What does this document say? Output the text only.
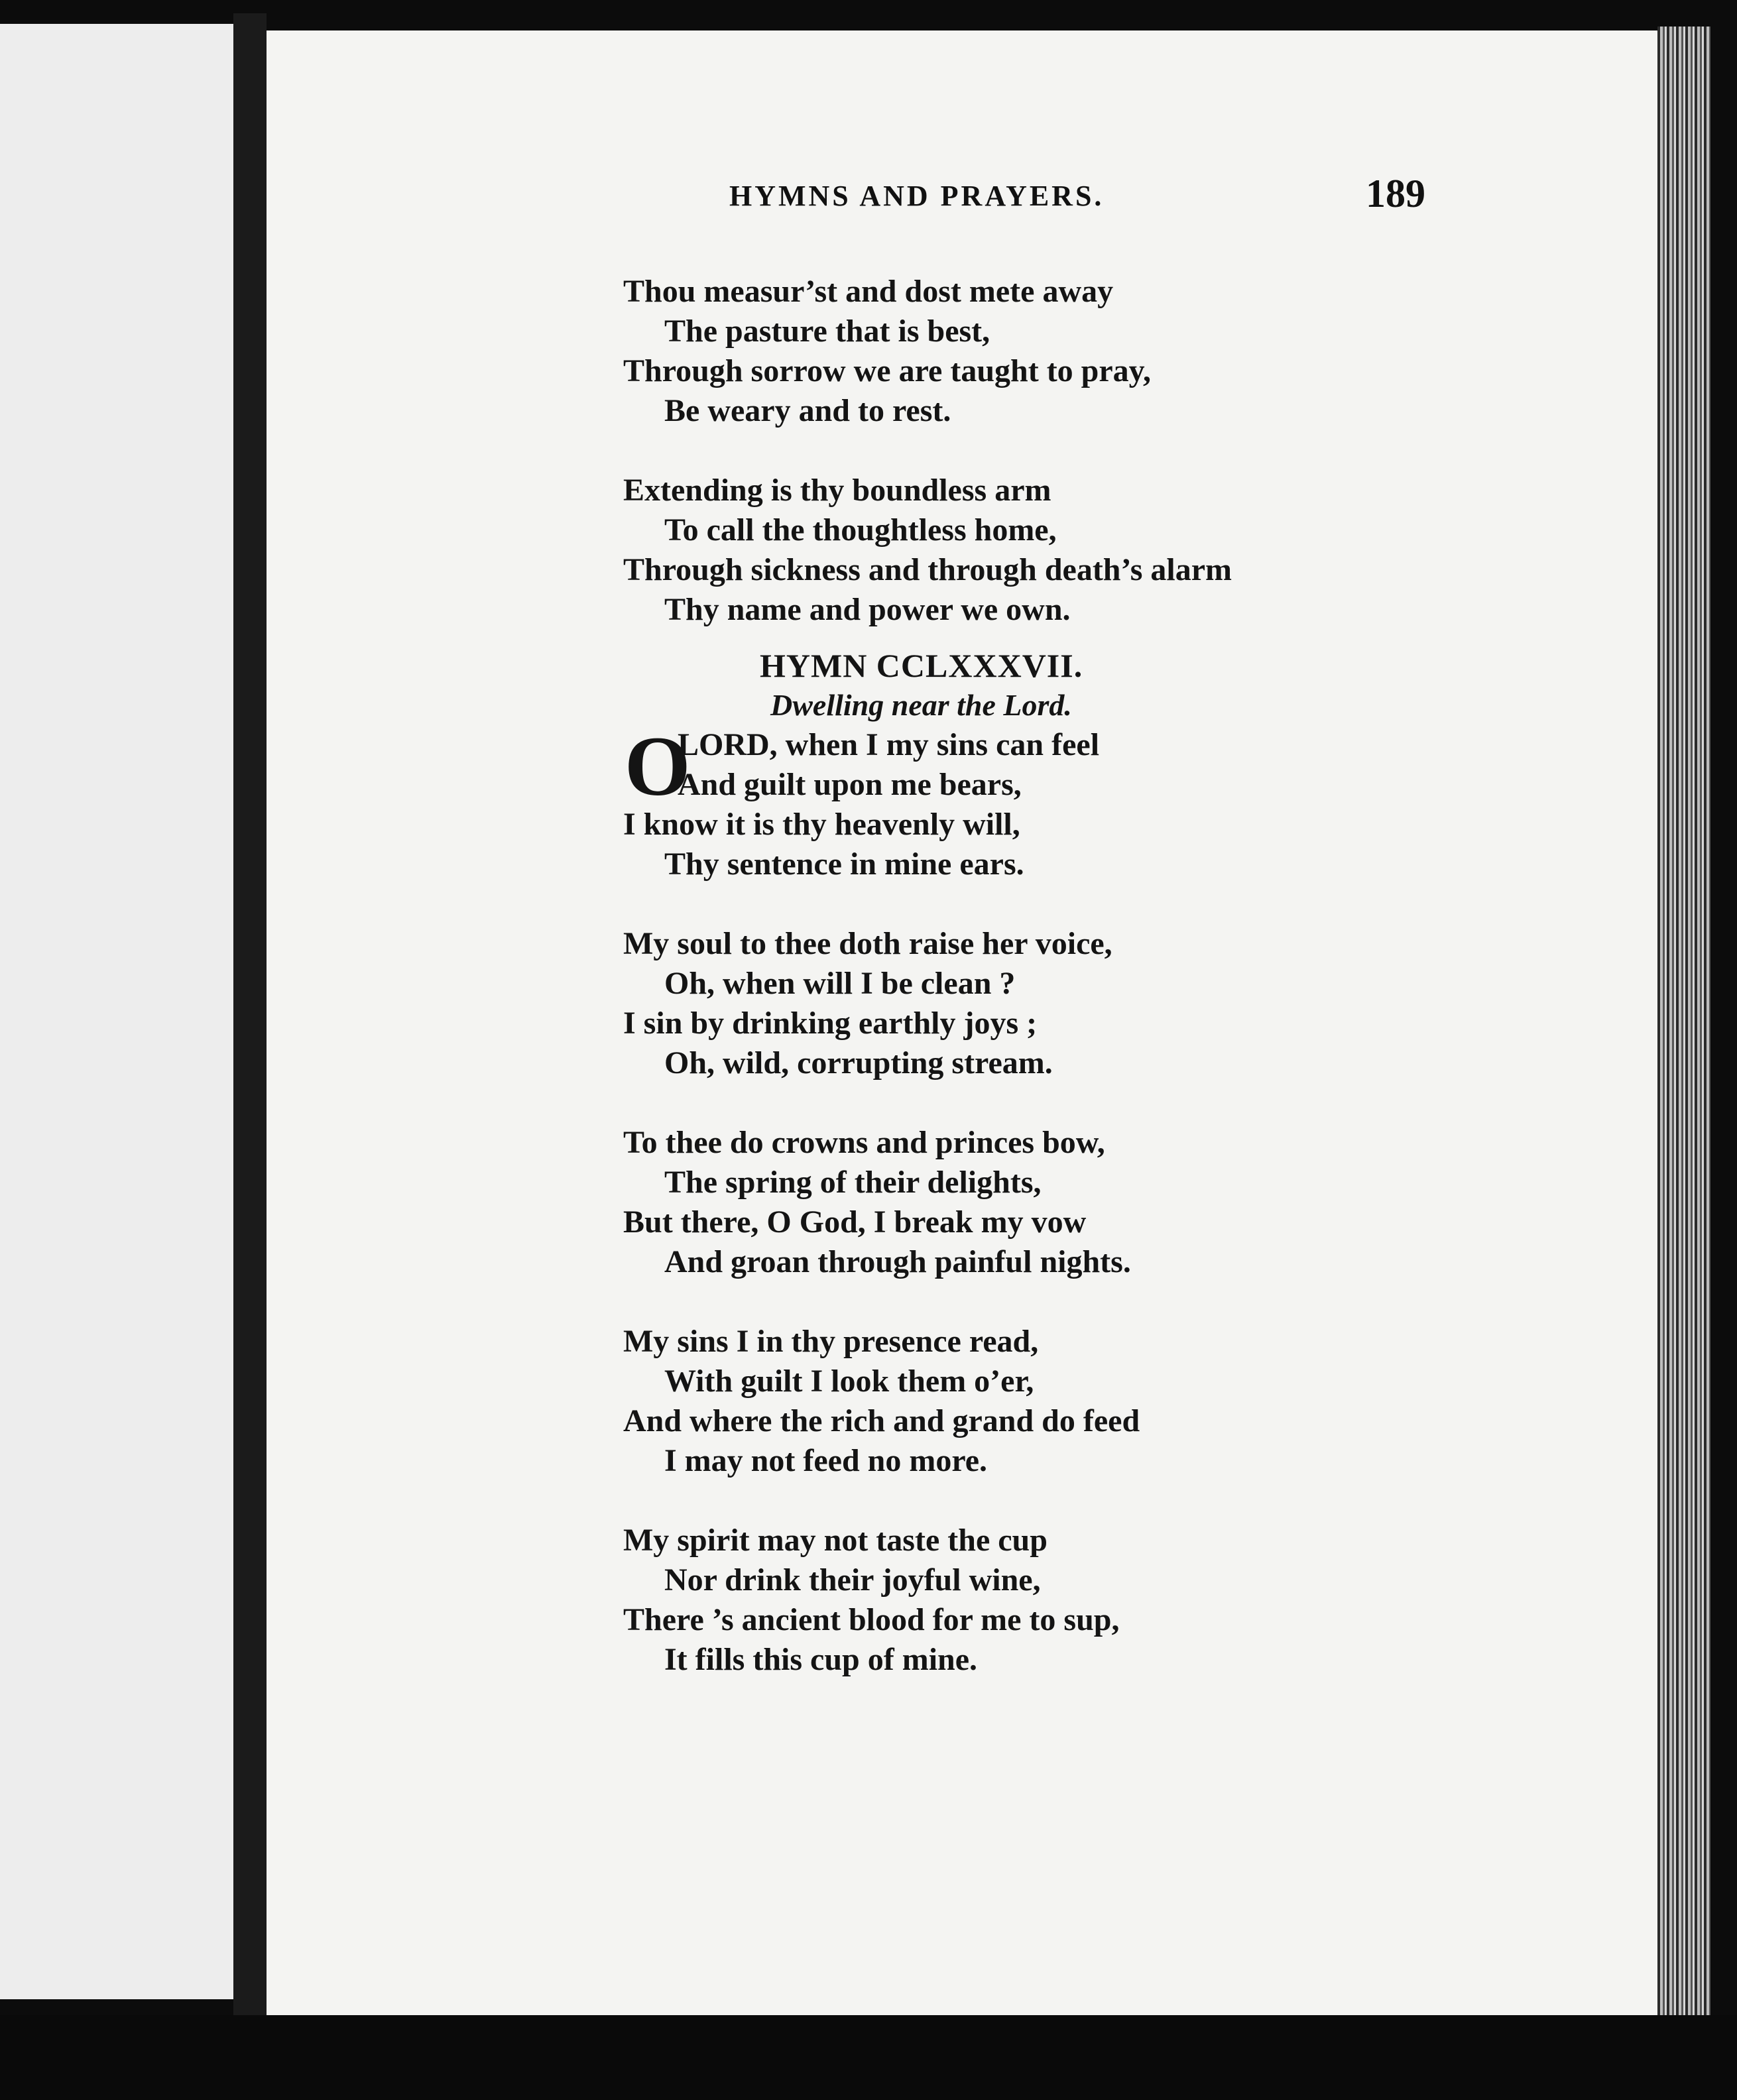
HYMNS AND PRAYERS.	189
Thou measur’st and dost mete away
The pasture that is best,
Through sorrow we are taught to pray,
Be weary and to rest.
Extending is thy boundless arm
To call the thoughtless home,
Through sickness and through death’s alarm
Thy name and power we own.
HYMN CCLXXXVII.
Dwelling near the Lord.
O
LORD, when I my sins can feel
And guilt upon me bears,
I know it is thy heavenly will,
Thy sentence in mine ears.
My soul to thee doth raise her voice,
Oh, when will I be clean ?
I sin by drinking earthly joys ;
Oh, wild, corrupting stream.
To thee do crowns and princes bow,
The spring of their delights,
But there, O God, I break my vow
And groan through painful nights.
My sins I in thy presence read,
With guilt I look them o’er,
And where the rich and grand do feed
I may not feed no more.
My spirit may not taste the cup
Nor drink their joyful wine,
There ’s ancient blood for me to sup,
It fills this cup of mine.
